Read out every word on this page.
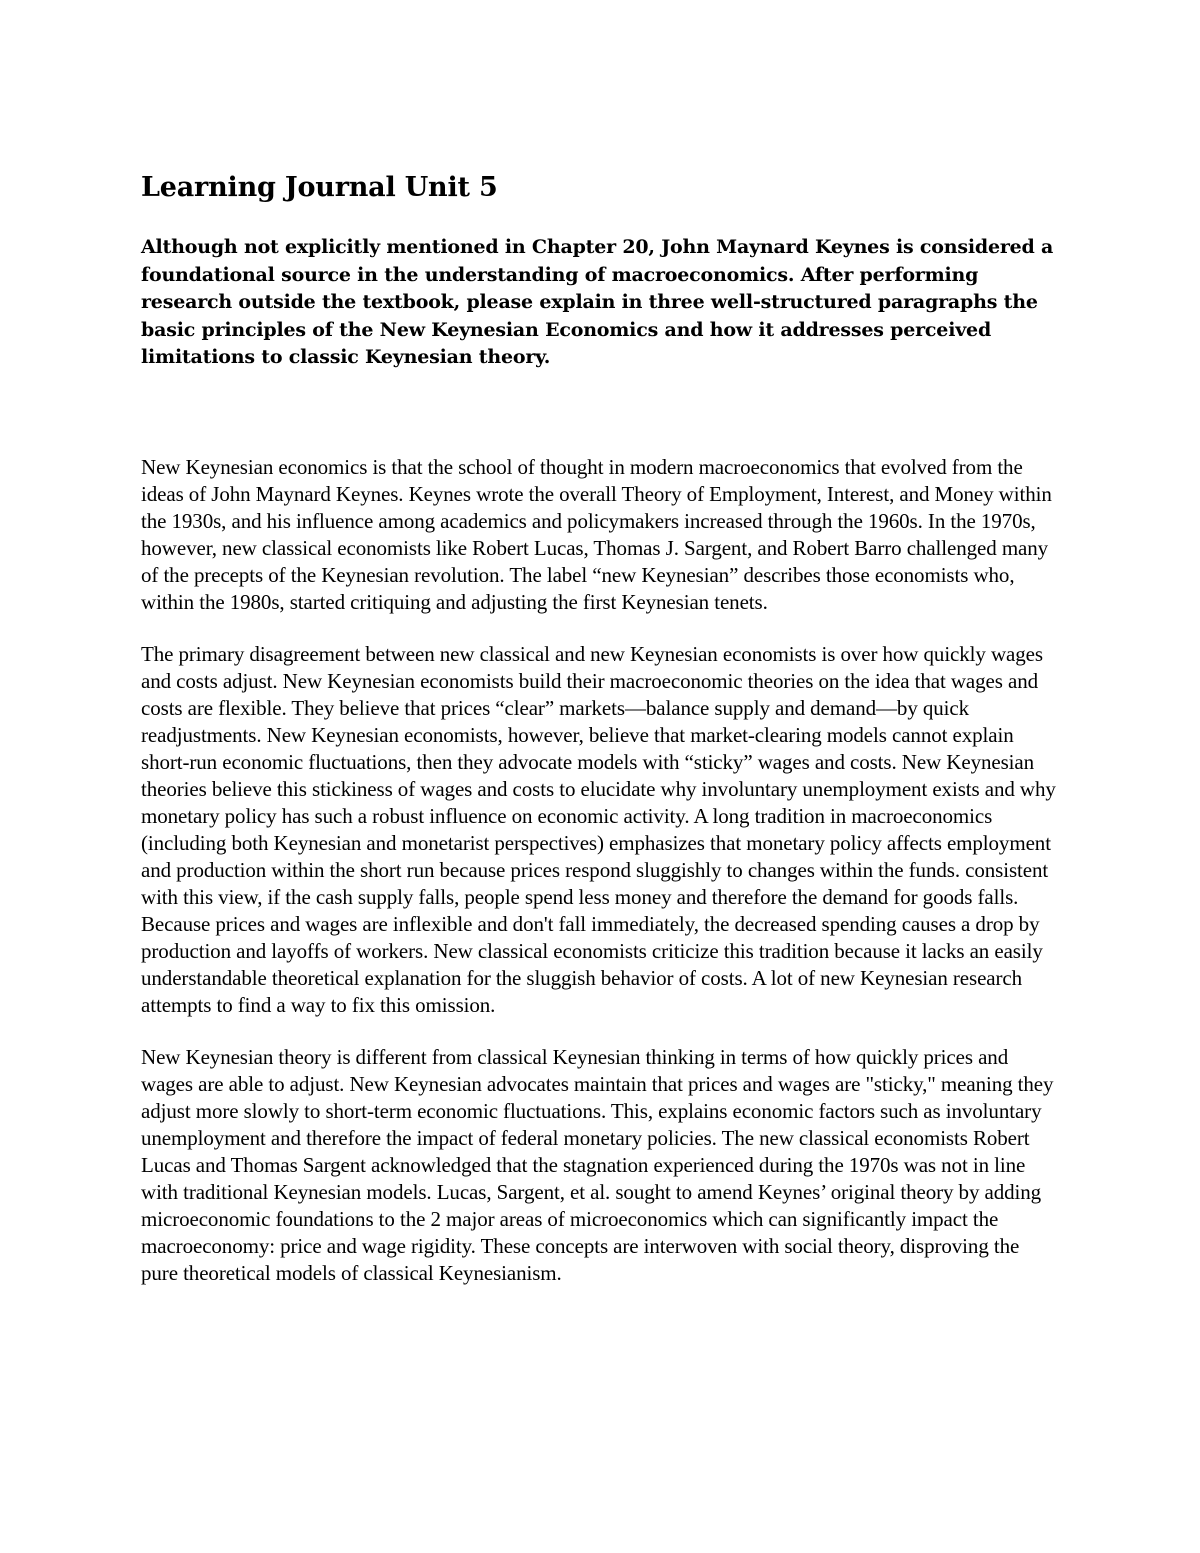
Learning Journal Unit 5

Although not explicitly mentioned in Chapter 20, John Maynard Keynes is considered a foundational source in the understanding of macroeconomics. After performing research outside the textbook, please explain in three well-structured paragraphs the basic principles of the New Keynesian Economics and how it addresses perceived limitations to classic Keynesian theory.

New Keynesian economics is that the school of thought in modern macroeconomics that evolved from the ideas of John Maynard Keynes. Keynes wrote the overall Theory of Employment, Interest, and Money within the 1930s, and his influence among academics and policymakers increased through the 1960s. In the 1970s, however, new classical economists like Robert Lucas, Thomas J. Sargent, and Robert Barro challenged many of the precepts of the Keynesian revolution. The label “new Keynesian” describes those economists who, within the 1980s, started critiquing and adjusting the first Keynesian tenets.

The primary disagreement between new classical and new Keynesian economists is over how quickly wages and costs adjust. New Keynesian economists build their macroeconomic theories on the idea that wages and costs are flexible. They believe that prices “clear” markets—balance supply and demand—by quick readjustments. New Keynesian economists, however, believe that market-clearing models cannot explain short-run economic fluctuations, then they advocate models with “sticky” wages and costs. New Keynesian theories believe this stickiness of wages and costs to elucidate why involuntary unemployment exists and why monetary policy has such a robust influence on economic activity. A long tradition in macroeconomics (including both Keynesian and monetarist perspectives) emphasizes that monetary policy affects employment and production within the short run because prices respond sluggishly to changes within the funds. consistent with this view, if the cash supply falls, people spend less money and therefore the demand for goods falls. Because prices and wages are inflexible and don't fall immediately, the decreased spending causes a drop by production and layoffs of workers. New classical economists criticize this tradition because it lacks an easily understandable theoretical explanation for the sluggish behavior of costs. A lot of new Keynesian research attempts to find a way to fix this omission.

New Keynesian theory is different from classical Keynesian thinking in terms of how quickly prices and wages are able to adjust. New Keynesian advocates maintain that prices and wages are "sticky," meaning they adjust more slowly to short-term economic fluctuations. This, explains economic factors such as involuntary unemployment and therefore the impact of federal monetary policies. The new classical economists Robert Lucas and Thomas Sargent acknowledged that the stagnation experienced during the 1970s was not in line with traditional Keynesian models. Lucas, Sargent, et al. sought to amend Keynes’ original theory by adding microeconomic foundations to the 2 major areas of microeconomics which can significantly impact the macroeconomy: price and wage rigidity. These concepts are interwoven with social theory, disproving the pure theoretical models of classical Keynesianism.
